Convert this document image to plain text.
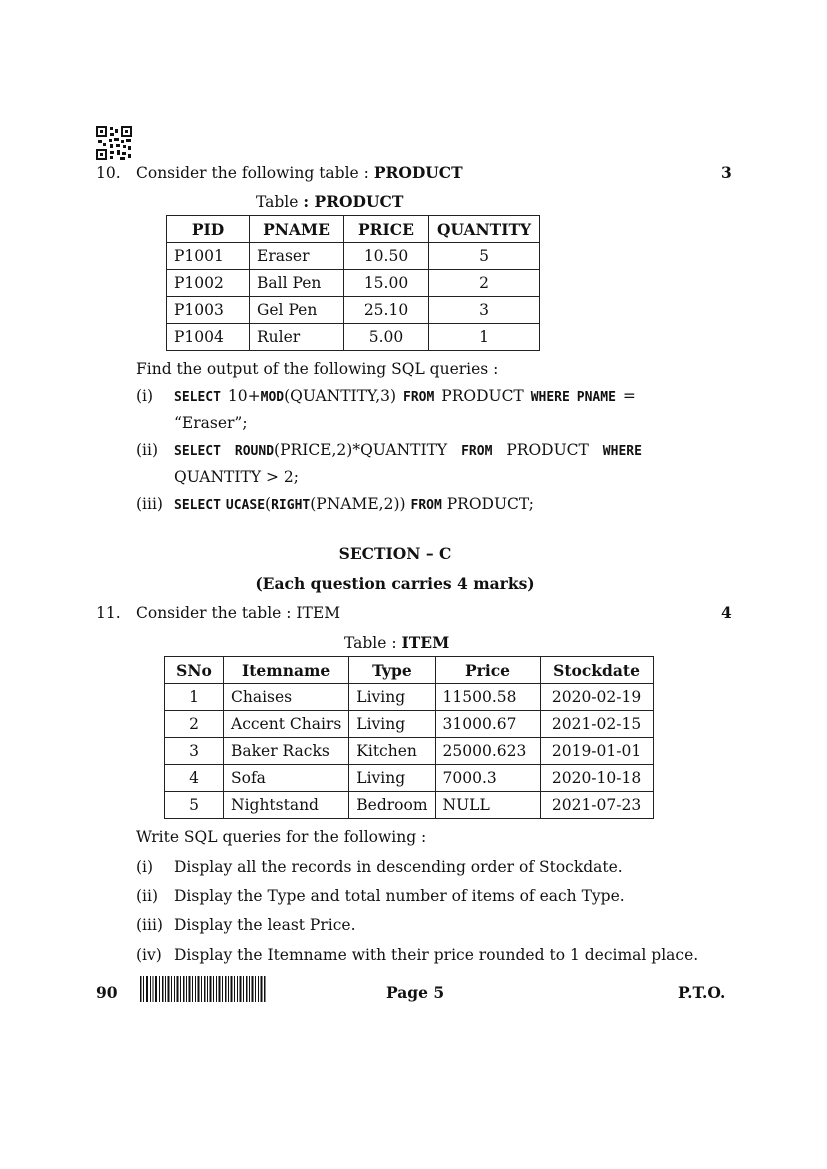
10. Consider the following table : PRODUCT	3
Table : PRODUCT
PID	PNAME	PRICE	QUANTITY
P1001	Eraser	10.50	5
P1002	Ball Pen	15.00	2
P1003	Gel Pen	25.10	3
P1004	Ruler	5.00	1
Find the output of the following SQL queries :
(i) SELECT 10+MOD(QUANTITY,3) FROM PRODUCT WHERE PNAME =
“Eraser”;
(ii) SELECT ROUND(PRICE,2)*QUANTITY FROM PRODUCT WHERE
QUANTITY > 2;
(iii) SELECT UCASE(RIGHT(PNAME,2)) FROM PRODUCT;
SECTION – C
(Each question carries 4 marks)
11. Consider the table : ITEM	4
Table : ITEM
SNo	Itemname	Type	Price	Stockdate
1	Chaises	Living	11500.58	2020-02-19
2	Accent Chairs	Living	31000.67	2021-02-15
3	Baker Racks	Kitchen	25000.623	2019-01-01
4	Sofa	Living	7000.3	2020-10-18
5	Nightstand	Bedroom	NULL	2021-07-23
Write SQL queries for the following :
(i) Display all the records in descending order of Stockdate.
(ii) Display the Type and total number of items of each Type.
(iii) Display the least Price.
(iv) Display the Itemname with their price rounded to 1 decimal place.
90	Page 5	P.T.O.
